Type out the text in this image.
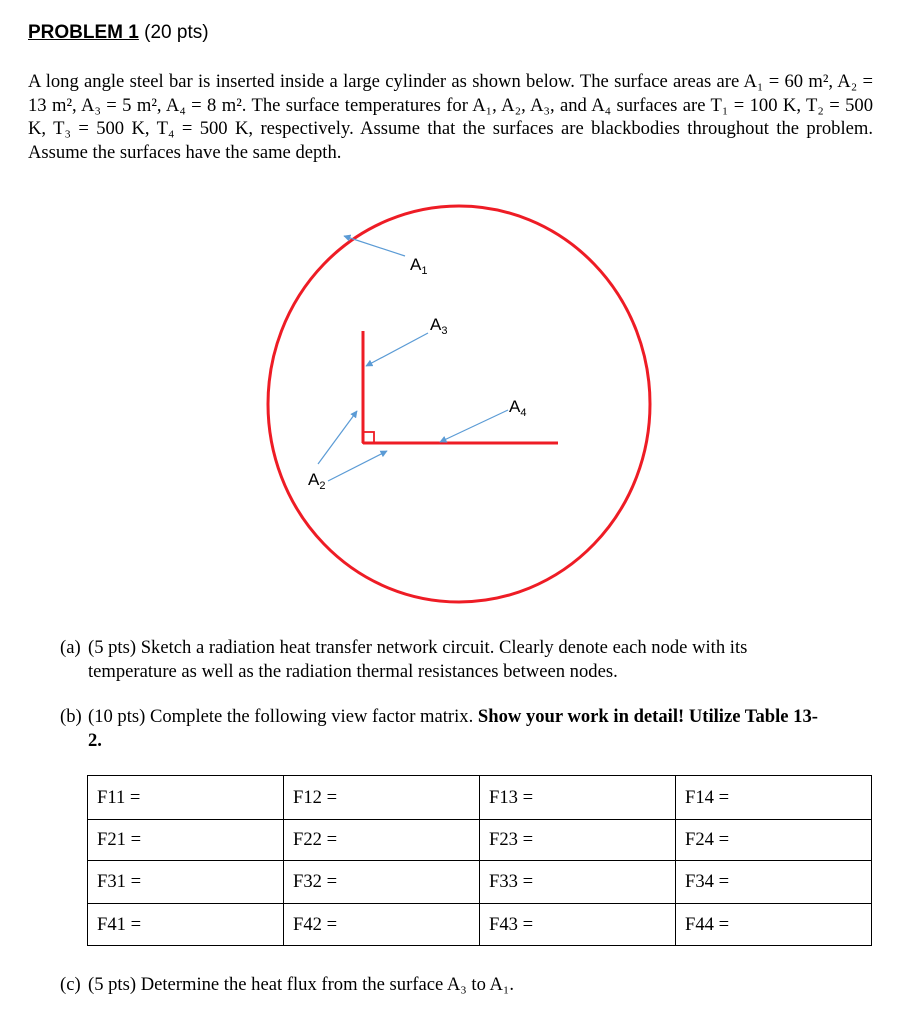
PROBLEM 1 (20 pts)
A long angle steel bar is inserted inside a large cylinder as shown below. The surface areas are A₁ = 60 m², A₂ = 13 m², A₃ = 5 m², A₄ = 8 m². The surface temperatures for A₁, A₂, A₃, and A₄ surfaces are T₁ = 100 K, T₂ = 500 K, T₃ = 500 K, T₄ = 500 K, respectively. Assume that the surfaces are blackbodies throughout the problem. Assume the surfaces have the same depth.
$A_1$
$A_3$
$A_4$
$A_2$
(a) (5 pts) Sketch a radiation heat transfer network circuit. Clearly denote each node with its
temperature as well as the radiation thermal resistances between nodes.
(b) (10 pts) Complete the following view factor matrix. Show your work in detail! Utilize Table 13-
2.
F11 =	F12 =	F13 =	F14 =
F21 =	F22 =	F23 =	F24 =
F31 =	F32 =	F33 =	F34 =
F41 =	F42 =	F43 =	F44 =
(c) (5 pts) Determine the heat flux from the surface A₃ to A₁.
